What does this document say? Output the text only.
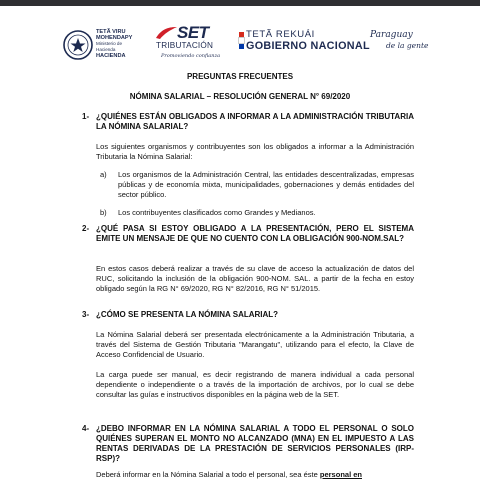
TETÃ VIRU
MOHENDAPY
Ministerio de
Hacienda
HACIENDA
SET
TRIBUTACIÓN
Promoviendo confianza
TETÃ REKUÁI
GOBIERNO NACIONAL
Paraguay
de la gente
PREGUNTAS FRECUENTES
NÓMINA SALARIAL – RESOLUCIÓN GENERAL N° 69/2020
1- ¿QUIÉNES ESTÁN OBLIGADOS A INFORMAR A LA ADMINISTRACIÓN TRIBUTARIA LA NÓMINA SALARIAL?
Los siguientes organismos y contribuyentes son los obligados a informar a la Administración Tributaria la Nómina Salarial:
a) Los organismos de la Administración Central, las entidades descentralizadas, empresas públicas y de economía mixta, municipalidades, gobernaciones y demás entidades del sector público.
b) Los contribuyentes clasificados como Grandes y Medianos.
2- ¿QUÉ PASA SI ESTOY OBLIGADO A LA PRESENTACIÓN, PERO EL SISTEMA EMITE UN MENSAJE DE QUE NO CUENTO CON LA OBLIGACIÓN 900-NOM.SAL?
En estos casos deberá realizar a través de su clave de acceso la actualización de datos del RUC, solicitando la inclusión de la obligación 900-NOM. SAL. a partir de la fecha en estoy obligado según la RG N° 69/2020, RG N° 82/2016, RG N° 51/2015.
3- ¿CÓMO SE PRESENTA LA NÓMINA SALARIAL?
La Nómina Salarial deberá ser presentada electrónicamente a la Administración Tributaria, a través del Sistema de Gestión Tributaria "Marangatu", utilizando para el efecto, la Clave de Acceso Confidencial de Usuario.
La carga puede ser manual, es decir registrando de manera individual a cada personal dependiente o independiente o a través de la importación de archivos, por lo cual se debe consultar las guías e instructivos disponibles en la página web de la SET.
4- ¿DEBO INFORMAR EN LA NÓMINA SALARIAL A TODO EL PERSONAL O SOLO QUIÉNES SUPERAN EL MONTO NO ALCANZADO (MNA) EN EL IMPUESTO A LAS RENTAS DERIVADAS DE LA PRESTACIÓN DE SERVICIOS PERSONALES (IRP-RSP)?
Deberá informar en la Nómina Salarial a todo el personal, sea éste personal en
